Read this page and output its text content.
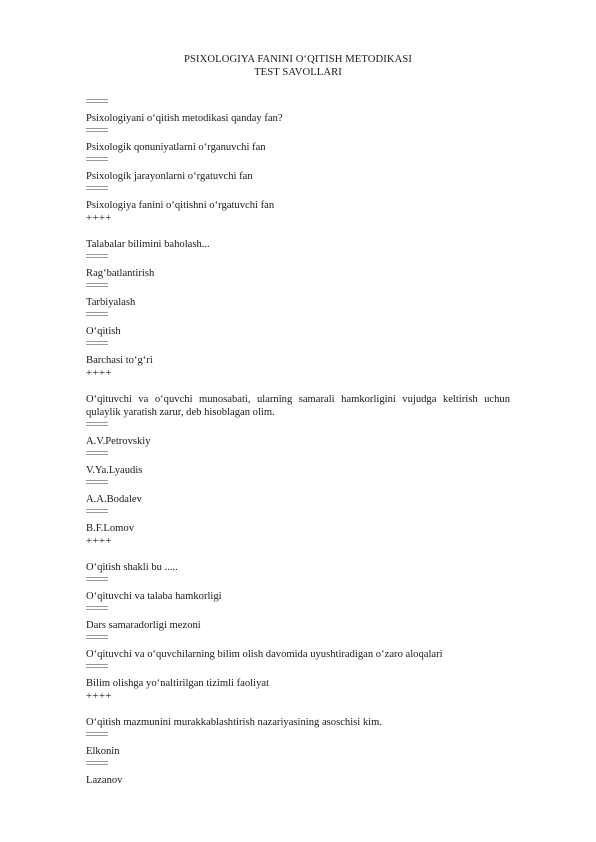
PSIXOLOGIYA FANINI O‘QITISH METODIKASI
TEST SAVOLLARI
Psixologiyani o‘qitish metodikasi qanday fan?
Psixologik qonuniyatlarni o‘rganuvchi fan
Psixologik jarayonlarni o‘rgatuvchi fan
Psixologiya fanini o‘qitishni o‘rgatuvchi fan
++++
Talabalar bilimini baholash...
Rag‘batlantirish
Tarbiyalash
O‘qitish
Barchasi to‘g‘ri
++++
O‘qituvchi va o‘quvchi munosabati, ularning samarali hamkorligini vujudga keltirish uchun qulaylik yaratish zarur, deb hisoblagan olim.
A.V.Petrovskiy
V.Ya.Lyaudis
A.A.Bodalev
B.F.Lomov
++++
O‘qitish shakli bu .....
O‘qituvchi va talaba hamkorligi
Dars samaradorligi mezoni
O‘qituvchi va o‘quvchilarning bilim olish davomida uyushtiradigan o‘zaro aloqalari
Bilim olishga yo‘naltirilgan tizimli faoliyat
++++
O‘qitish mazmunini murakkablashtirish nazariyasining asoschisi kim.
Elkonin
Lazanov
